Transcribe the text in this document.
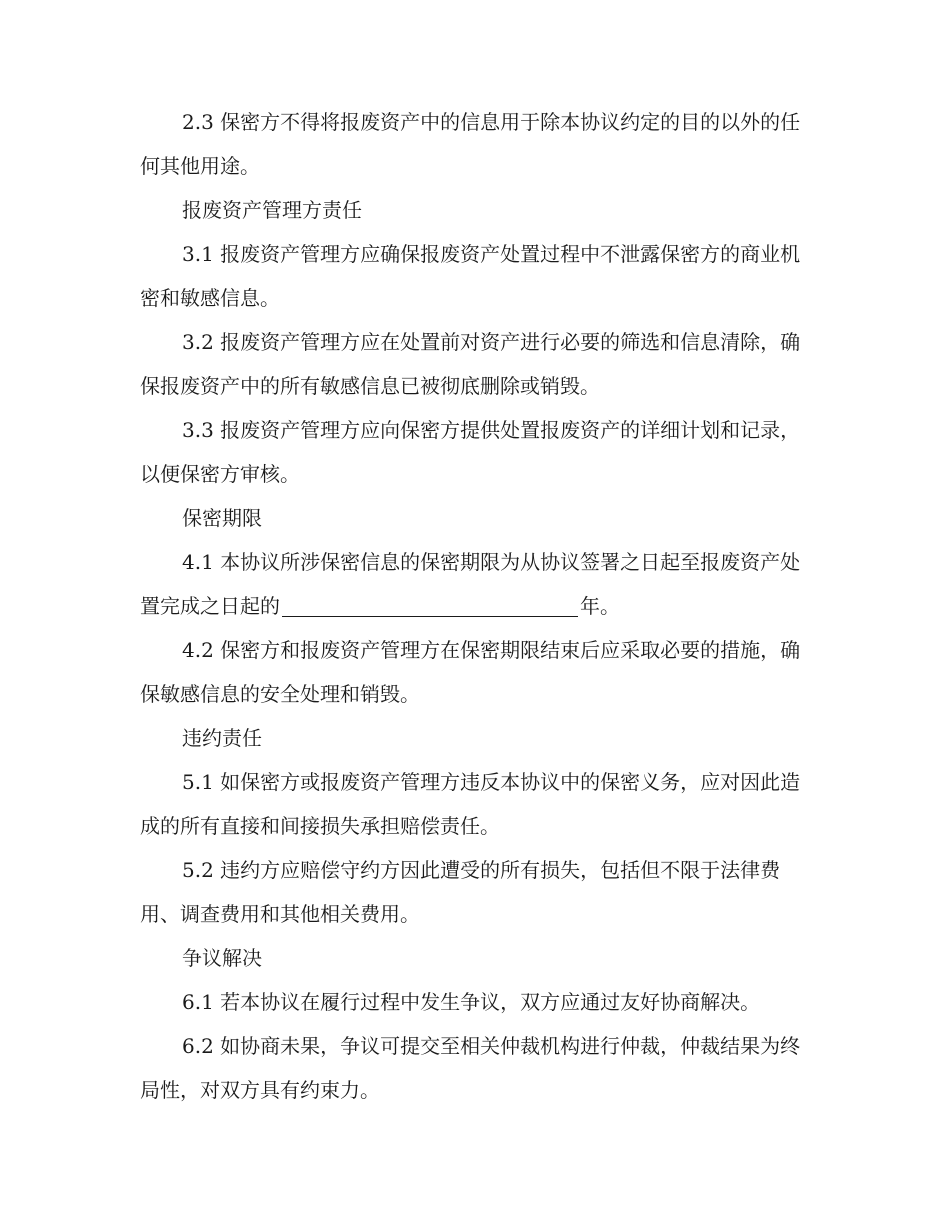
2.3 保密方不得将报废资产中的信息用于除本协议约定的目的以外的任何其他用途。

报废资产管理方责任

3.1 报废资产管理方应确保报废资产处置过程中不泄露保密方的商业机密和敏感信息。

3.2 报废资产管理方应在处置前对资产进行必要的筛选和信息清除，确保报废资产中的所有敏感信息已被彻底删除或销毁。

3.3 报废资产管理方应向保密方提供处置报废资产的详细计划和记录，以便保密方审核。

保密期限

4.1 本协议所涉保密信息的保密期限为从协议签署之日起至报废资产处置完成之日起的	年。

4.2 保密方和报废资产管理方在保密期限结束后应采取必要的措施，确保敏感信息的安全处理和销毁。

违约责任

5.1 如保密方或报废资产管理方违反本协议中的保密义务，应对因此造成的所有直接和间接损失承担赔偿责任。

5.2 违约方应赔偿守约方因此遭受的所有损失，包括但不限于法律费用、调查费用和其他相关费用。

争议解决

6.1 若本协议在履行过程中发生争议，双方应通过友好协商解决。

6.2 如协商未果，争议可提交至相关仲裁机构进行仲裁，仲裁结果为终局性，对双方具有约束力。
